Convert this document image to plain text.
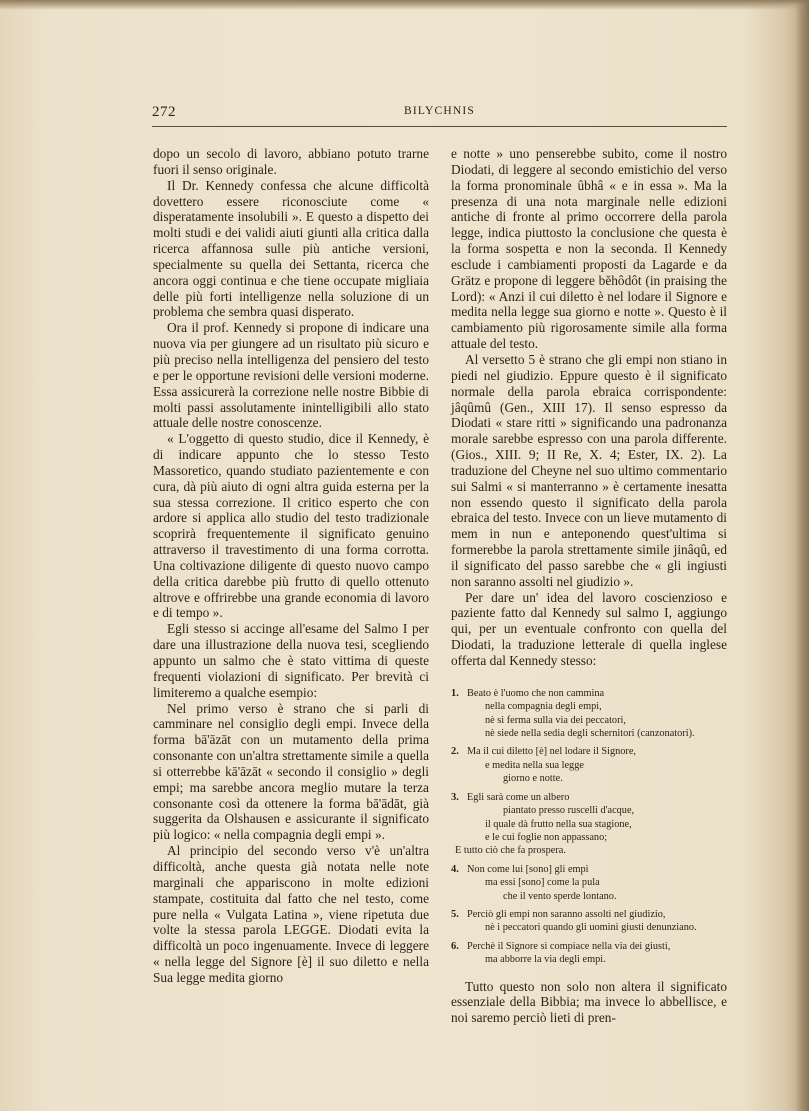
272	BILYCHNIS

dopo un secolo di lavoro, abbiano potuto trarne fuori il senso originale.

Il Dr. Kennedy confessa che alcune difficoltà dovettero essere riconosciute come « disperatamente insolubili ». E questo a dispetto dei molti studi e dei validi aiuti giunti alla critica dalla ricerca affannosa sulle più antiche versioni, specialmente su quella dei Settanta, ricerca che ancora oggi continua e che tiene occupate migliaia delle più forti intelligenze nella soluzione di un problema che sembra quasi disperato.

Ora il prof. Kennedy si propone di indicare una nuova via per giungere ad un risultato più sicuro e più preciso nella intelligenza del pensiero del testo e per le opportune revisioni delle versioni moderne. Essa assicurerà la correzione nelle nostre Bibbie di molti passi assolutamente inintelligibili allo stato attuale delle nostre conoscenze.

« L'oggetto di questo studio, dice il Kennedy, è di indicare appunto che lo stesso Testo Massoretico, quando studiato pazientemente e con cura, dà più aiuto di ogni altra guida esterna per la sua stessa correzione. Il critico esperto che con ardore si applica allo studio del testo tradizionale scoprirà frequentemente il significato genuino attraverso il travestimento di una forma corrotta. Una coltivazione diligente di questo nuovo campo della critica darebbe più frutto di quello ottenuto altrove e offrirebbe una grande economia di lavoro e di tempo ».

Egli stesso si accinge all'esame del Salmo I per dare una illustrazione della nuova tesi, scegliendo appunto un salmo che è stato vittima di queste frequenti violazioni di significato. Per brevità ci limiteremo a qualche esempio:

Nel primo verso è strano che si parli di camminare nel consiglio degli empi. Invece della forma bā'āzāt con un mutamento della prima consonante con un'altra strettamente simile a quella si otterrebbe kā'āzāt « secondo il consiglio » degli empi; ma sarebbe ancora meglio mutare la terza consonante così da ottenere la forma bā'ādāt, già suggerita da Olshausen e assicurante il significato più logico: « nella compagnia degli empi ».

Al principio del secondo verso v'è un'altra difficoltà, anche questa già notata nelle note marginali che appariscono in molte edizioni stampate, costituita dal fatto che nel testo, come pure nella « Vulgata Latina », viene ripetuta due volte la stessa parola LEGGE. Diodati evita la difficoltà un poco ingenuamente. Invece di leggere « nella legge del Signore [è] il suo diletto e nella Sua legge medita giorno

e notte » uno penserebbe subito, come il nostro Diodati, di leggere al secondo emistichio del verso la forma pronominale ûbhâ « e in essa ». Ma la presenza di una nota marginale nelle edizioni antiche di fronte al primo occorrere della parola legge, indica piuttosto la conclusione che questa è la forma sospetta e non la seconda. Il Kennedy esclude i cambiamenti proposti da Lagarde e da Grätz e propone di leggere bĕhôdôt (in praising the Lord): « Anzi il cui diletto è nel lodare il Signore e medita nella legge sua giorno e notte ». Questo è il cambiamento più rigorosamente simile alla forma attuale del testo.

Al versetto 5 è strano che gli empi non stiano in piedi nel giudizio. Eppure questo è il significato normale della parola ebraica corrispondente: jâqûmû (Gen., XIII 17). Il senso espresso da Diodati « stare ritti » significando una padronanza morale sarebbe espresso con una parola differente. (Gios., XIII. 9; II Re, X. 4; Ester, IX. 2). La traduzione del Cheyne nel suo ultimo commentario sui Salmi « si manterranno » è certamente inesatta non essendo questo il significato della parola ebraica del testo. Invece con un lieve mutamento di mem in nun e anteponendo quest'ultima si formerebbe la parola strettamente simile jinâqû, ed il significato del passo sarebbe che « gli ingiusti non saranno assolti nel giudizio ».

Per dare un' idea del lavoro coscienzioso e paziente fatto dal Kennedy sul salmo I, aggiungo qui, per un eventuale confronto con quella del Diodati, la traduzione letterale di quella inglese offerta dal Kennedy stesso:

1. Beato è l'uomo che non cammina
nella compagnia degli empi,
nè si ferma sulla via dei peccatori,
nè siede nella sedia degli schernitori (canzonatori).
2. Ma il cui diletto [è] nel lodare il Signore,
e medita nella sua legge
giorno e notte.
3. Egli sarà come un albero
piantato presso ruscelli d'acque,
il quale dà frutto nella sua stagione,
e le cui foglie non appassano;
E tutto ciò che fa prospera.
4. Non come lui [sono] gli empi
ma essi [sono] come la pula
che il vento sperde lontano.
5. Perciò gli empi non saranno assolti nel giudizio,
nè i peccatori quando gli uomini giusti denunziano.
6. Perchè il Signore si compiace nella via dei giusti,
ma abborre la via degli empi.

Tutto questo non solo non altera il significato essenziale della Bibbia; ma invece lo abbellisce, e noi saremo perciò lieti di pren-
